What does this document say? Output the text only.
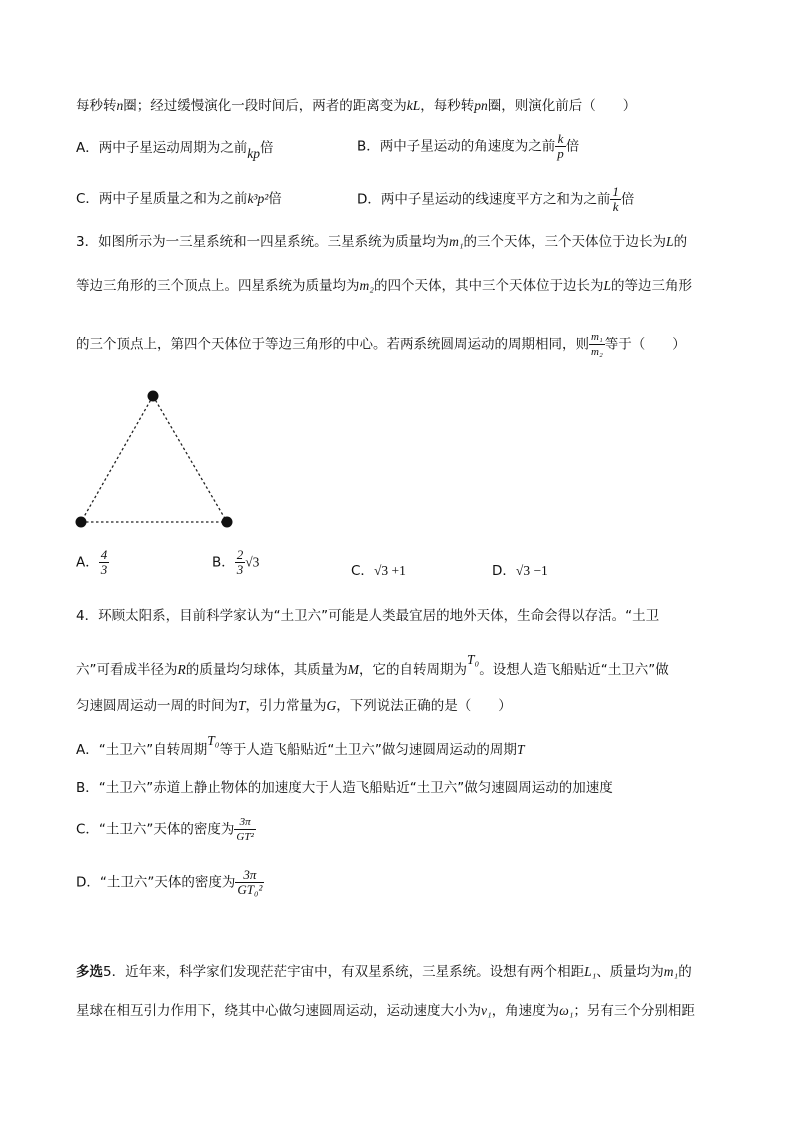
每秒转n圈；经过缓慢演化一段时间后，两者的距离变为kL，每秒转pn圈，则演化前后（　　）
A．两中子星运动周期为之前kp倍	B．两中子星运动的角速度为之前 $\frac{k}{p}$ 倍
C．两中子星质量之和为之前k³p²倍	D．两中子星运动的线速度平方之和为之前 $\frac{1}{k}$ 倍
3．如图所示为一三星系统和一四星系统。三星系统为质量均为m₁的三个天体，三个天体位于边长为L的
等边三角形的三个顶点上。四星系统为质量均为m₂的四个天体，其中三个天体位于边长为L的等边三角形
的三个顶点上，第四个天体位于等边三角形的中心。若两系统圆周运动的周期相同，则 $\frac{\text{m₁}}{\text{m₂}}$ 等于（　　）
A． $\frac{4}{3}$	B． $\frac{2}{3} √3$
C．√3 +1	D．√3 −1
4．环顾太阳系，目前科学家认为“土卫六”可能是人类最宜居的地外天体，生命会得以存活。“土卫
六”可看成半径为R的质量均匀球体，其质量为M，它的自转周期为T₀。设想人造飞船贴近“土卫六”做
匀速圆周运动一周的时间为T，引力常量为G，下列说法正确的是（　　）
A．“土卫六”自转周期T₀等于人造飞船贴近“土卫六”做匀速圆周运动的周期T
B．“土卫六”赤道上静止物体的加速度大于人造飞船贴近“土卫六”做匀速圆周运动的加速度
C．“土卫六”天体的密度为 $\frac{3\pi}{\text{GT²}}$
D．“土卫六”天体的密度为 $\frac{3\pi}{\text{GT₀²}}$
多选5．近年来，科学家们发现茫茫宇宙中，有双星系统，三星系统。设想有两个相距L₁、质量均为m₁的
星球在相互引力作用下，绕其中心做匀速圆周运动，运动速度大小为v₁，角速度为ω₁；另有三个分别相距
